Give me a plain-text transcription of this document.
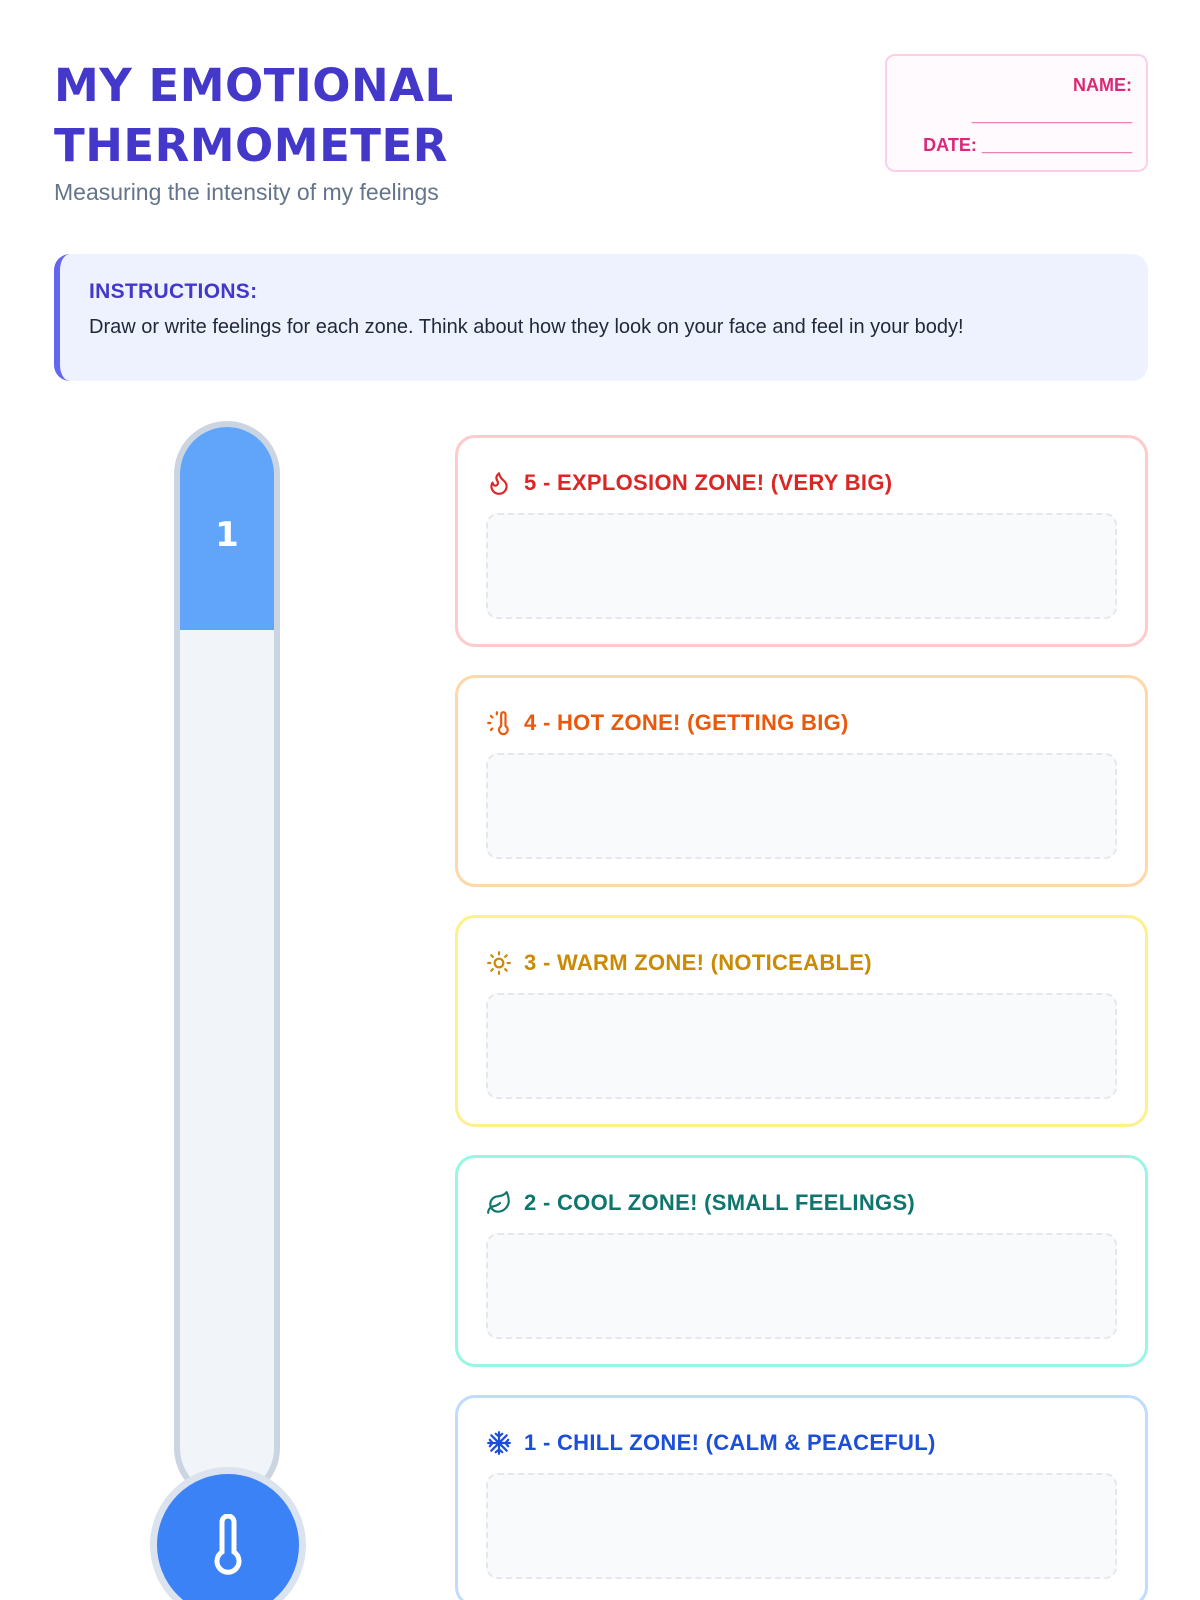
MY EMOTIONAL
THERMOMETER
Measuring the intensity of my feelings
NAME:
________________
DATE: _______________
INSTRUCTIONS:
Draw or write feelings for each zone. Think about how they look on your face and feel in your body!
1
5 - EXPLOSION ZONE! (VERY BIG)
4 - HOT ZONE! (GETTING BIG)
3 - WARM ZONE! (NOTICEABLE)
2 - COOL ZONE! (SMALL FEELINGS)
1 - CHILL ZONE! (CALM & PEACEFUL)
